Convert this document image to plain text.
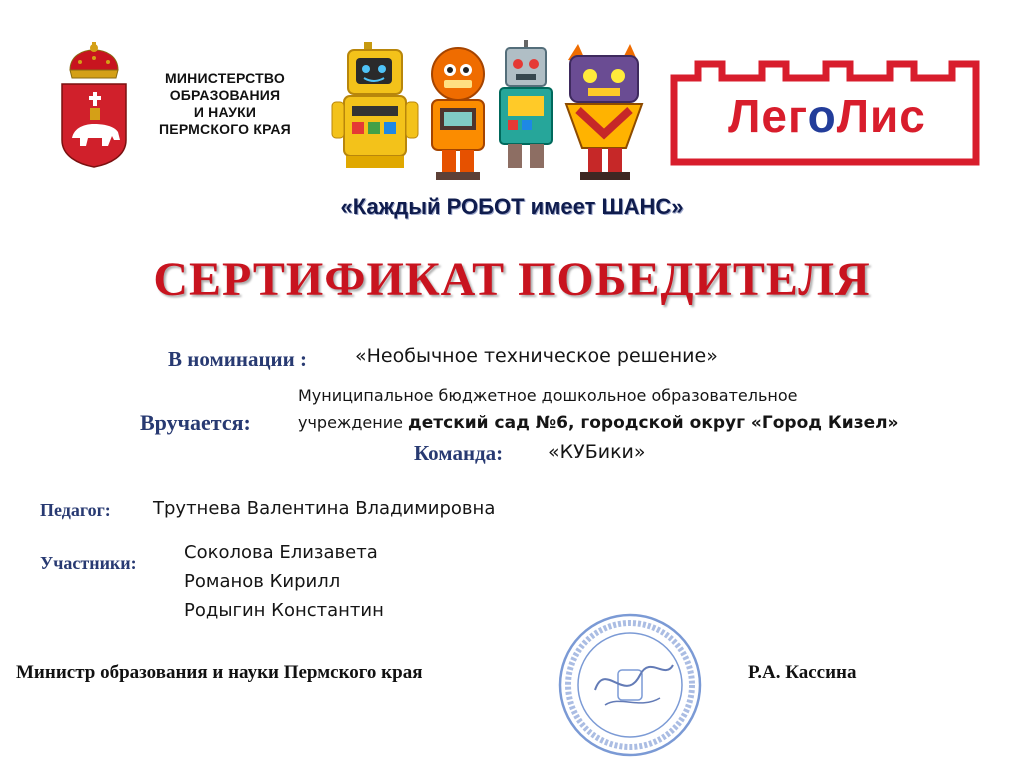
МИНИСТЕРСТВО
ОБРАЗОВАНИЯ
И НАУКИ
ПЕРМСКОГО КРАЯ	ЛегоЛис
«Каждый РОБОТ имеет ШАНС»
СЕРТИФИКАТ ПОБЕДИТЕЛЯ
В номинации :	«Необычное техническое решение»
Вручается:
Муниципальное бюджетное дошкольное образовательное
учреждение детский сад №6, городской округ «Город Кизел»
Команда: «КУБики»
Педагог: Трутнева Валентина Владимировна
Участники:	Соколова Елизавета
Романов Кирилл
Родыгин Константин
Министр образования и науки Пермского края	Р.А. Кассина
